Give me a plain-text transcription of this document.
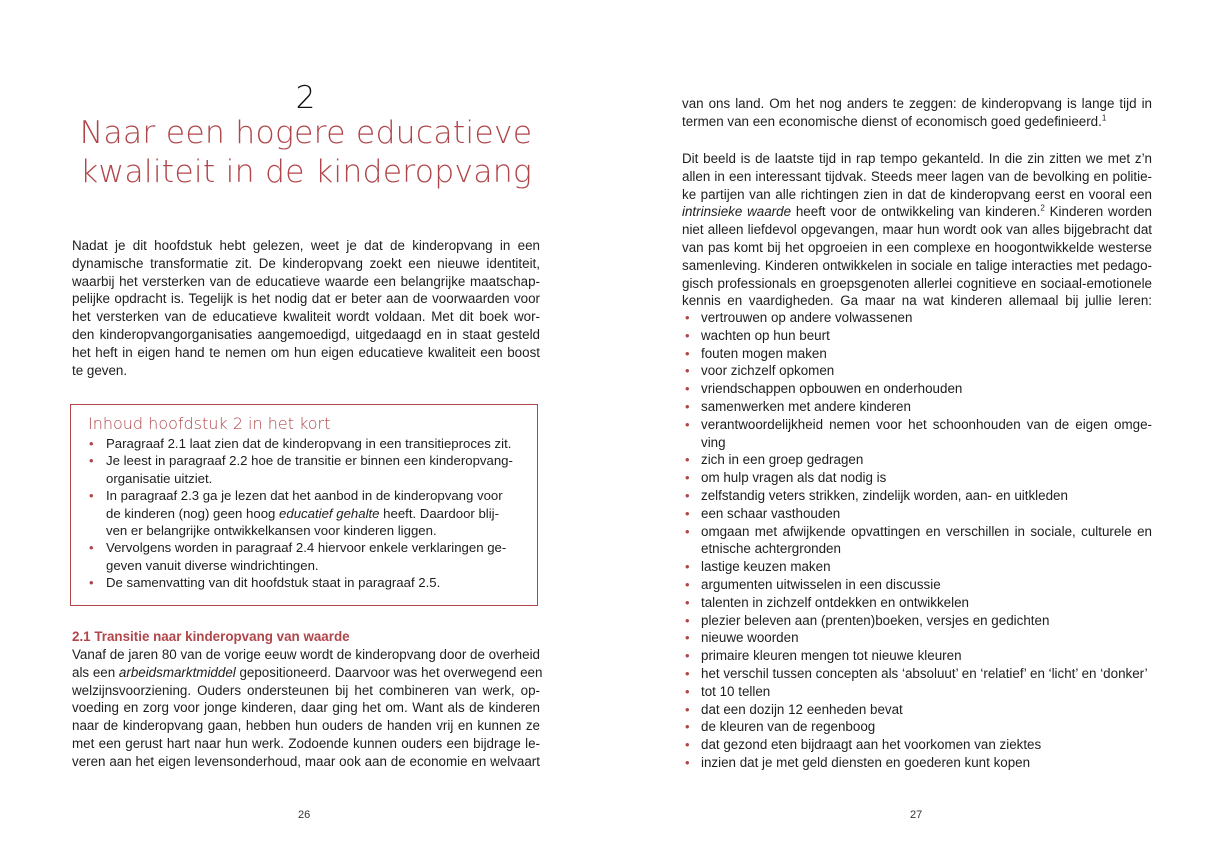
2
Naar een hogere educatieve
kwaliteit in de kinderopvang

Nadat je dit hoofdstuk hebt gelezen, weet je dat de kinderopvang in een
dynamische transformatie zit. De kinderopvang zoekt een nieuwe identiteit,
waarbij het versterken van de educatieve waarde een belangrijke maatschap-
pelijke opdracht is. Tegelijk is het nodig dat er beter aan de voorwaarden voor
het versterken van de educatieve kwaliteit wordt voldaan. Met dit boek wor-
den kinderopvangorganisaties aangemoedigd, uitgedaagd en in staat gesteld
het heft in eigen hand te nemen om hun eigen educatieve kwaliteit een boost
te geven.

Inhoud hoofdstuk 2 in het kort
• Paragraaf 2.1 laat zien dat de kinderopvang in een transitieproces zit.
• Je leest in paragraaf 2.2 hoe de transitie er binnen een kinderopvang-
organisatie uitziet.
• In paragraaf 2.3 ga je lezen dat het aanbod in de kinderopvang voor
de kinderen (nog) geen hoog educatief gehalte heeft. Daardoor blij-
ven er belangrijke ontwikkelkansen voor kinderen liggen.
• Vervolgens worden in paragraaf 2.4 hiervoor enkele verklaringen ge-
geven vanuit diverse windrichtingen.
• De samenvatting van dit hoofdstuk staat in paragraaf 2.5.
2.1 Transitie naar kinderopvang van waarde

Vanaf de jaren 80 van de vorige eeuw wordt de kinderopvang door de overheid
als een arbeidsmarktmiddel gepositioneerd. Daarvoor was het overwegend een
welzijnsvoorziening. Ouders ondersteunen bij het combineren van werk, op-
voeding en zorg voor jonge kinderen, daar ging het om. Want als de kinderen
naar de kinderopvang gaan, hebben hun ouders de handen vrij en kunnen ze
met een gerust hart naar hun werk. Zodoende kunnen ouders een bijdrage le-
veren aan het eigen levensonderhoud, maar ook aan de economie en welvaart

26

van ons land. Om het nog anders te zeggen: de kinderopvang is lange tijd in
termen van een economische dienst of economisch goed gedefinieerd.$^1$

Dit beeld is de laatste tijd in rap tempo gekanteld. In die zin zitten we met z’n
allen in een interessant tijdvak. Steeds meer lagen van de bevolking en politie-
ke partijen van alle richtingen zien in dat de kinderopvang eerst en vooral een
intrinsieke waarde heeft voor de ontwikkeling van kinderen.$^2$ Kinderen worden
niet alleen liefdevol opgevangen, maar hun wordt ook van alles bijgebracht dat
van pas komt bij het opgroeien in een complexe en hoogontwikkelde westerse
samenleving. Kinderen ontwikkelen in sociale en talige interacties met pedago-
gisch professionals en groepsgenoten allerlei cognitieve en sociaal-emotionele
kennis en vaardigheden. Ga maar na wat kinderen allemaal bij jullie leren:

• vertrouwen op andere volwassenen
• wachten op hun beurt
• fouten mogen maken
• voor zichzelf opkomen
• vriendschappen opbouwen en onderhouden
• samenwerken met andere kinderen
• verantwoordelijkheid nemen voor het schoonhouden van de eigen omge-
ving
• zich in een groep gedragen
• om hulp vragen als dat nodig is
• zelfstandig veters strikken, zindelijk worden, aan- en uitkleden
• een schaar vasthouden
• omgaan met afwijkende opvattingen en verschillen in sociale, culturele en
etnische achtergronden
• lastige keuzen maken
• argumenten uitwisselen in een discussie
• talenten in zichzelf ontdekken en ontwikkelen
• plezier beleven aan (prenten)boeken, versjes en gedichten
• nieuwe woorden
• primaire kleuren mengen tot nieuwe kleuren
• het verschil tussen concepten als ‘absoluut’ en ‘relatief’ en ‘licht’ en ‘donker’
• tot 10 tellen
• dat een dozijn 12 eenheden bevat
• de kleuren van de regenboog
• dat gezond eten bijdraagt aan het voorkomen van ziektes
• inzien dat je met geld diensten en goederen kunt kopen
27
